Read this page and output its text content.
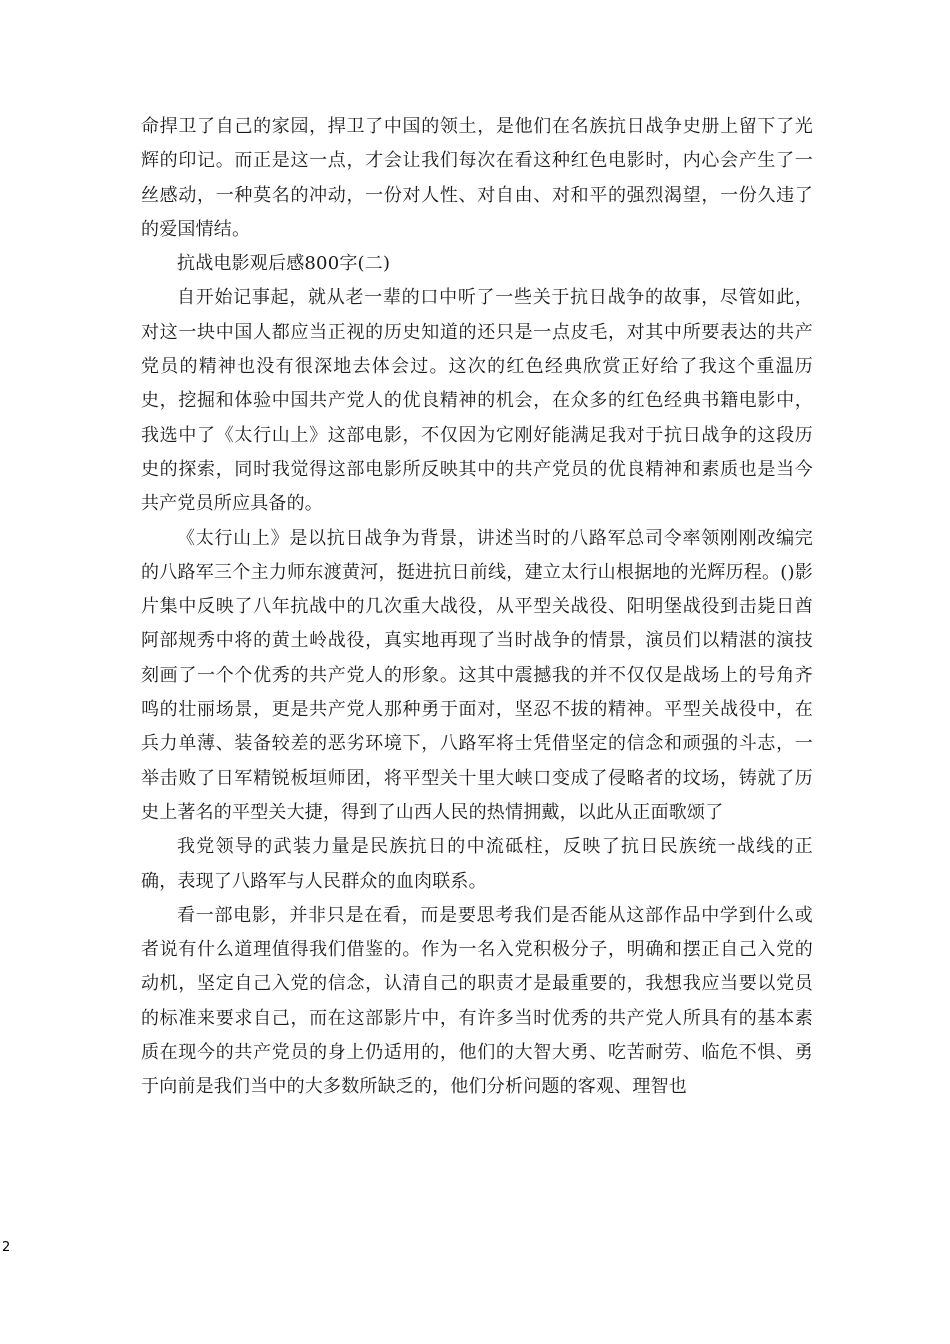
命捍卫了自己的家园，捍卫了中国的领土，是他们在名族抗日战争史册上留下了光辉的印记。而正是这一点，才会让我们每次在看这种红色电影时，内心会产生了一丝感动，一种莫名的冲动，一份对人性、对自由、对和平的强烈渴望，一份久违了的爱国情结。

抗战电影观后感800字(二)

自开始记事起，就从老一辈的口中听了一些关于抗日战争的故事，尽管如此，对这一块中国人都应当正视的历史知道的还只是一点皮毛，对其中所要表达的共产党员的精神也没有很深地去体会过。这次的红色经典欣赏正好给了我这个重温历史，挖掘和体验中国共产党人的优良精神的机会，在众多的红色经典书籍电影中，我选中了《太行山上》这部电影，不仅因为它刚好能满足我对于抗日战争的这段历史的探索，同时我觉得这部电影所反映其中的共产党员的优良精神和素质也是当今共产党员所应具备的。

《太行山上》是以抗日战争为背景，讲述当时的八路军总司令率领刚刚改编完的八路军三个主力师东渡黄河，挺进抗日前线，建立太行山根据地的光辉历程。()影片集中反映了八年抗战中的几次重大战役，从平型关战役、阳明堡战役到击毙日酋阿部规秀中将的黄土岭战役，真实地再现了当时战争的情景，演员们以精湛的演技刻画了一个个优秀的共产党人的形象。这其中震撼我的并不仅仅是战场上的号角齐鸣的壮丽场景，更是共产党人那种勇于面对，坚忍不拔的精神。平型关战役中，在兵力单薄、装备较差的恶劣环境下，八路军将士凭借坚定的信念和顽强的斗志，一举击败了日军精锐板垣师团，将平型关十里大峡口变成了侵略者的坟场，铸就了历史上著名的平型关大捷，得到了山西人民的热情拥戴，以此从正面歌颂了

我党领导的武装力量是民族抗日的中流砥柱，反映了抗日民族统一战线的正确，表现了八路军与人民群众的血肉联系。

看一部电影，并非只是在看，而是要思考我们是否能从这部作品中学到什么或者说有什么道理值得我们借鉴的。作为一名入党积极分子，明确和摆正自己入党的动机，坚定自己入党的信念，认清自己的职责才是最重要的，我想我应当要以党员的标准来要求自己，而在这部影片中，有许多当时优秀的共产党人所具有的基本素质在现今的共产党员的身上仍适用的，他们的大智大勇、吃苦耐劳、临危不惧、勇于向前是我们当中的大多数所缺乏的，他们分析问题的客观、理智也

2
